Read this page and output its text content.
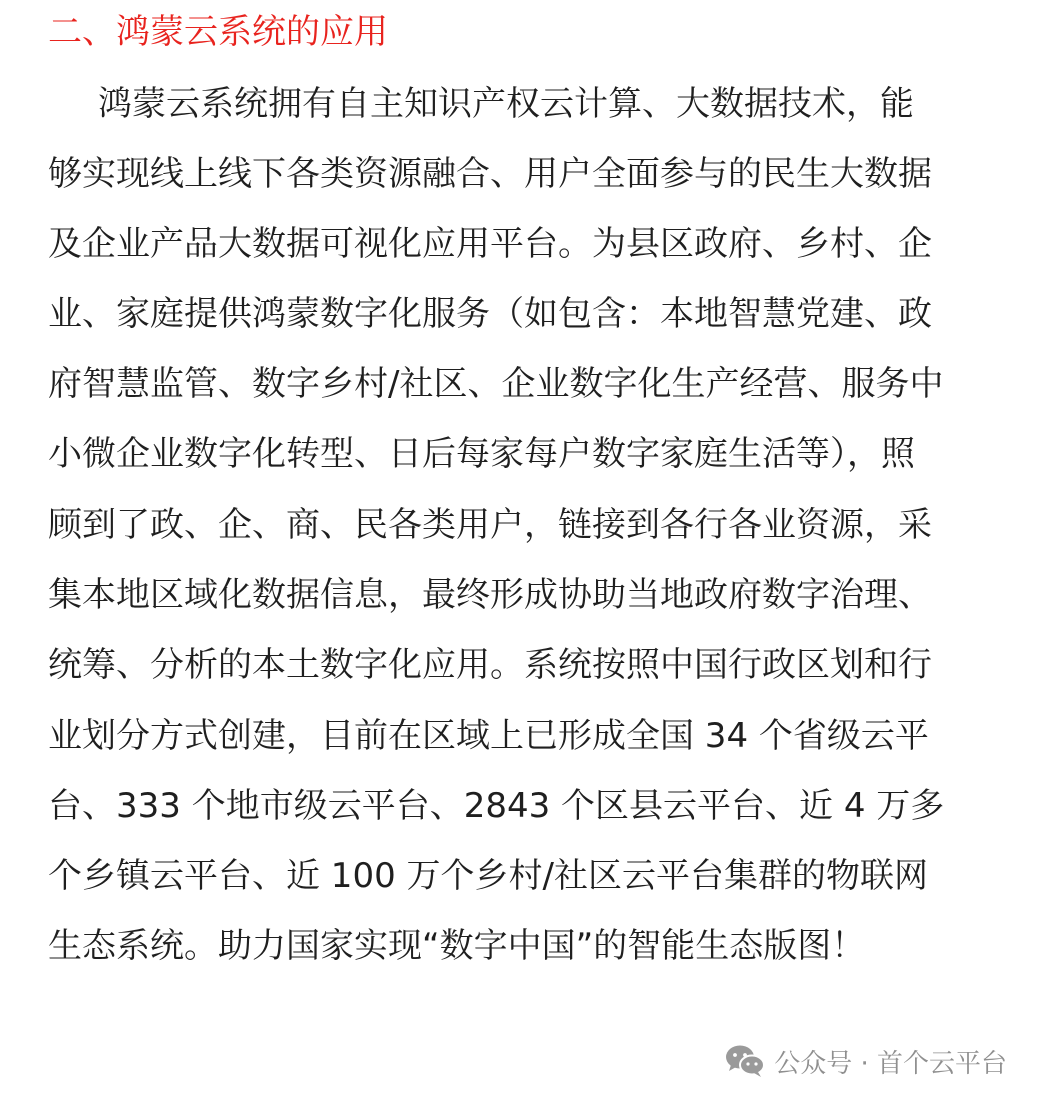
二、鸿蒙云系统的应用

鸿蒙云系统拥有自主知识产权云计算、大数据技术，能

够实现线上线下各类资源融合、用户全面参与的民生大数据

及企业产品大数据可视化应用平台。为县区政府、乡村、企

业、家庭提供鸿蒙数字化服务（如包含：本地智慧党建、政

府智慧监管、数字乡村/社区、企业数字化生产经营、服务中

小微企业数字化转型、日后每家每户数字家庭生活等），照

顾到了政、企、商、民各类用户，链接到各行各业资源，采

集本地区域化数据信息，最终形成协助当地政府数字治理、

统筹、分析的本土数字化应用。系统按照中国行政区划和行

业划分方式创建，目前在区域上已形成全国 34 个省级云平

台、333 个地市级云平台、2843 个区县云平台、近 4 万多

个乡镇云平台、近 100 万个乡村/社区云平台集群的物联网

生态系统。助力国家实现“数字中国”的智能生态版图！

公众号 · 首个云平台
